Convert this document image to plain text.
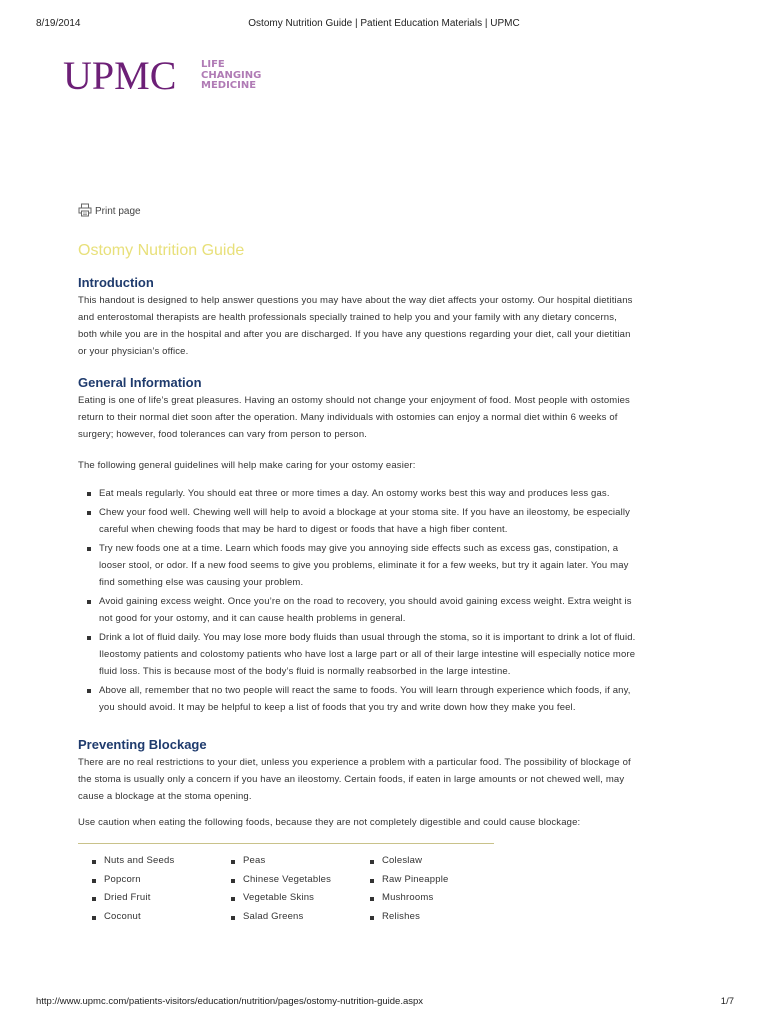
8/19/2014	Ostomy Nutrition Guide | Patient Education Materials | UPMC
UPMC LIFE
CHANGING
MEDICINE
Print page
Ostomy Nutrition Guide
Introduction

This handout is designed to help answer questions you may have about the way diet affects your ostomy. Our hospital dietitians and enterostomal therapists are health professionals specially trained to help you and your family with any dietary concerns, both while you are in the hospital and after you are discharged. If you have any questions regarding your diet, call your dietitian or your physician’s office.

General Information

Eating is one of life’s great pleasures. Having an ostomy should not change your enjoyment of food. Most people with ostomies return to their normal diet soon after the operation. Many individuals with ostomies can enjoy a normal diet within 6 weeks of surgery; however, food tolerances can vary from person to person.

The following general guidelines will help make caring for your ostomy easier:

Eat meals regularly. You should eat three or more times a day. An ostomy works best this way and produces less gas.
Chew your food well. Chewing well will help to avoid a blockage at your stoma site. If you have an ileostomy, be especially careful when chewing foods that may be hard to digest or foods that have a high fiber content.
Try new foods one at a time. Learn which foods may give you annoying side effects such as excess gas, constipation, a looser stool, or odor. If a new food seems to give you problems, eliminate it for a few weeks, but try it again later. You may find something else was causing your problem.
Avoid gaining excess weight. Once you’re on the road to recovery, you should avoid gaining excess weight. Extra weight is not good for your ostomy, and it can cause health problems in general.
Drink a lot of fluid daily. You may lose more body fluids than usual through the stoma, so it is important to drink a lot of fluid. Ileostomy patients and colostomy patients who have lost a large part or all of their large intestine will especially notice more fluid loss. This is because most of the body’s fluid is normally reabsorbed in the large intestine.
Above all, remember that no two people will react the same to foods. You will learn through experience which foods, if any, you should avoid. It may be helpful to keep a list of foods that you try and write down how they make you feel.
Preventing Blockage

There are no real restrictions to your diet, unless you experience a problem with a particular food. The possibility of blockage of the stoma is usually only a concern if you have an ileostomy. Certain foods, if eaten in large amounts or not chewed well, may cause a blockage at the stoma opening.

Use caution when eating the following foods, because they are not completely digestible and could cause blockage:

Nuts and Seeds
Popcorn
Dried Fruit
Coconut
Peas
Chinese Vegetables
Vegetable Skins
Salad Greens
Coleslaw
Raw Pineapple
Mushrooms
Relishes
http://www.upmc.com/patients-visitors/education/nutrition/pages/ostomy-nutrition-guide.aspx	1/7
